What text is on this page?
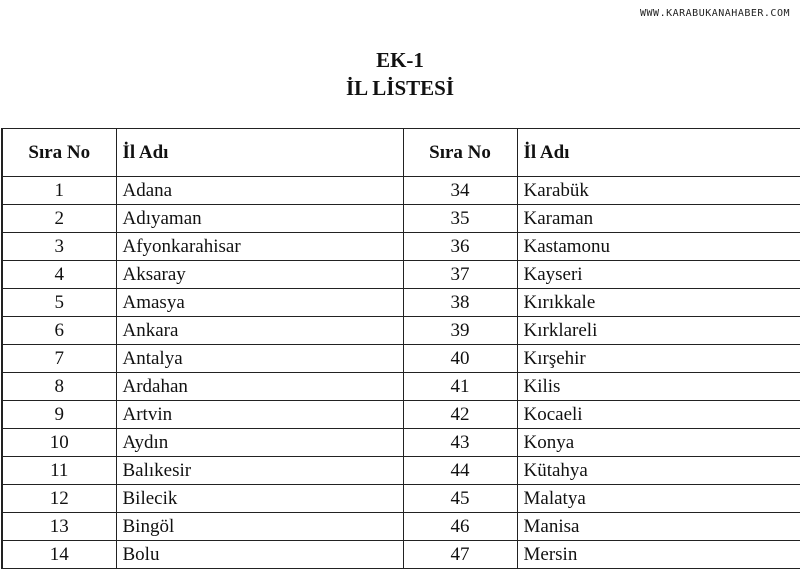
WWW.KARABUKANAHABER.COM
EK-1
İL LİSTESİ
Sıra No	İl Adı	Sıra No	İl Adı
1	Adana	34	Karabük
2	Adıyaman	35	Karaman
3	Afyonkarahisar	36	Kastamonu
4	Aksaray	37	Kayseri
5	Amasya	38	Kırıkkale
6	Ankara	39	Kırklareli
7	Antalya	40	Kırşehir
8	Ardahan	41	Kilis
9	Artvin	42	Kocaeli
10	Aydın	43	Konya
11	Balıkesir	44	Kütahya
12	Bilecik	45	Malatya
13	Bingöl	46	Manisa
14	Bolu	47	Mersin
